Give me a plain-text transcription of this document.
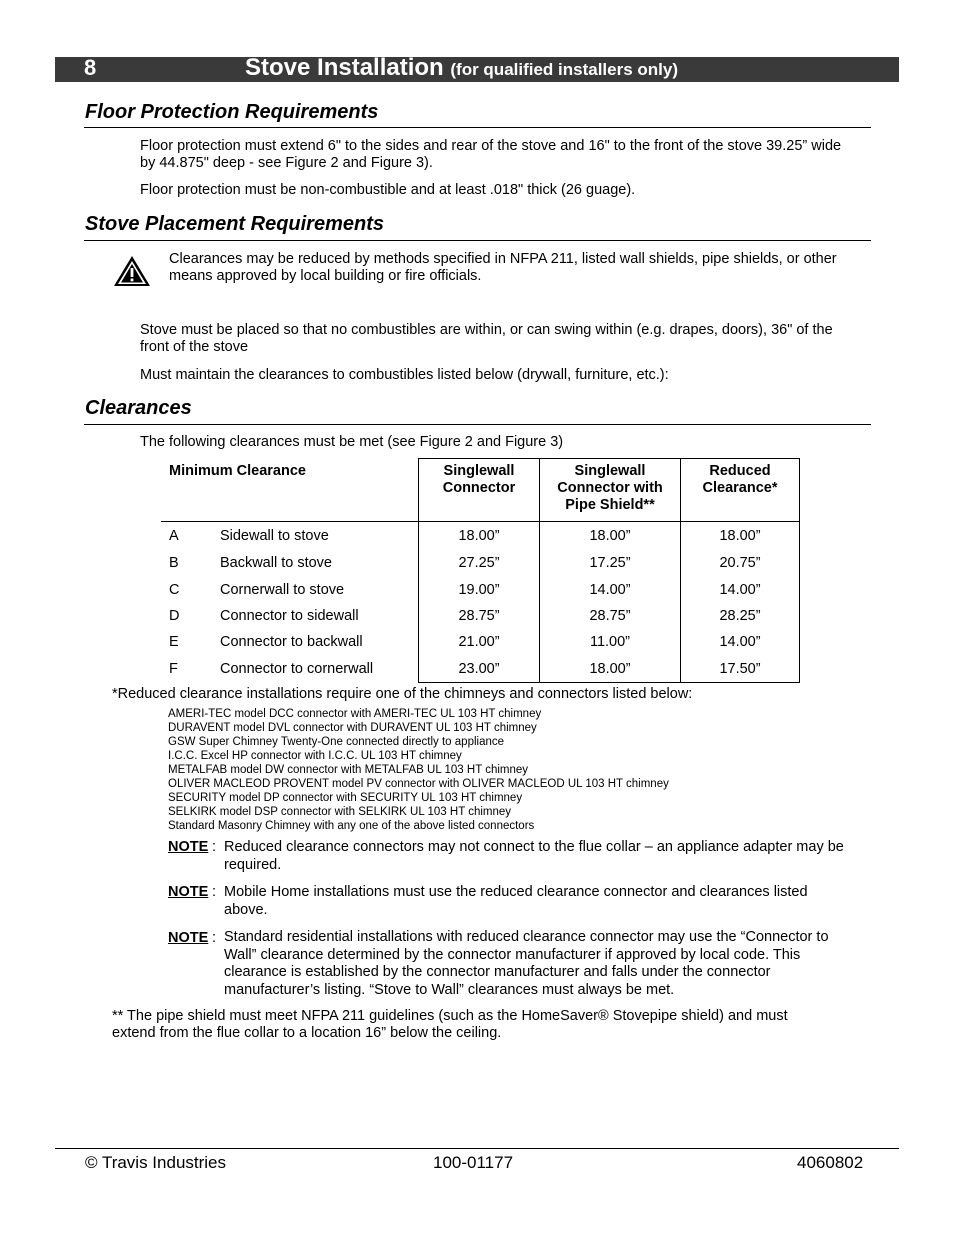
8	Stove Installation (for qualified installers only)
Floor Protection Requirements
Floor protection must extend 6" to the sides and rear of the stove and 16" to the front of the stove 39.25” wide by 44.875" deep - see Figure 2 and Figure 3).
Floor protection must be non-combustible and at least .018" thick (26 guage).
Stove Placement Requirements
Clearances may be reduced by methods specified in NFPA 211, listed wall shields, pipe shields, or other means approved by local building or fire officials.
Stove must be placed so that no combustibles are within, or can swing within (e.g. drapes, doors), 36" of the front of the stove
Must maintain the clearances to combustibles listed below (drywall, furniture, etc.):
Clearances
The following clearances must be met (see Figure 2 and Figure 3)
Minimum Clearance		Singlewall Connector	Singlewall Connector with Pipe Shield**	Reduced Clearance*
A	Sidewall to stove	18.00”	18.00”	18.00”
B	Backwall to stove	27.25”	17.25”	20.75”
C	Cornerwall to stove	19.00”	14.00”	14.00”
D	Connector to sidewall	28.75”	28.75”	28.25”
E	Connector to backwall	21.00”	11.00”	14.00”
F	Connector to cornerwall	23.00”	18.00”	17.50”
*Reduced clearance installations require one of the chimneys and connectors listed below:
AMERI-TEC model DCC connector with AMERI-TEC UL 103 HT chimney
DURAVENT model DVL connector with DURAVENT UL 103 HT chimney
GSW Super Chimney Twenty-One connected directly to appliance
I.C.C. Excel HP connector with I.C.C. UL 103 HT chimney
METALFAB model DW connector with METALFAB UL 103 HT chimney
OLIVER MACLEOD PROVENT model PV connector with OLIVER MACLEOD UL 103 HT chimney
SECURITY model DP connector with SECURITY UL 103 HT chimney
SELKIRK model DSP connector with SELKIRK UL 103 HT chimney
Standard Masonry Chimney with any one of the above listed connectors
NOTE : Reduced clearance connectors may not connect to the flue collar – an appliance adapter may be required.
NOTE : Mobile Home installations must use the reduced clearance connector and clearances listed above.
NOTE : Standard residential installations with reduced clearance connector may use the “Connector to Wall” clearance determined by the connector manufacturer if approved by local code. This clearance is established by the connector manufacturer and falls under the connector manufacturer’s listing. “Stove to Wall” clearances must always be met.
** The pipe shield must meet NFPA 211 guidelines (such as the HomeSaver® Stovepipe shield) and must extend from the flue collar to a location 16” below the ceiling.
© Travis Industries	100-01177	4060802
